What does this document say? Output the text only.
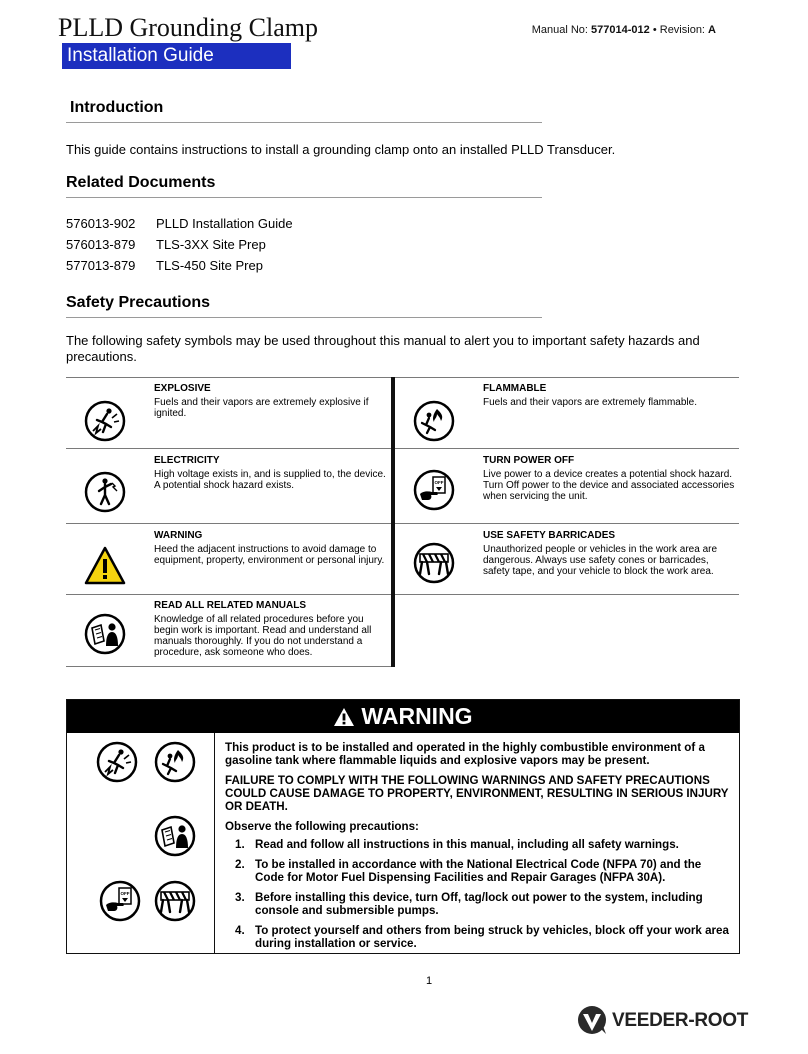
PLLD Grounding Clamp
Installation Guide
Manual No: 577014-012 • Revision: A
Introduction
This guide contains instructions to install a grounding clamp onto an installed PLLD Transducer.
Related Documents
576013-902 PLLD Installation Guide
576013-879 TLS-3XX Site Prep
577013-879 TLS-450 Site Prep
Safety Precautions
The following safety symbols may be used throughout this manual to alert you to important safety hazards and precautions.
EXPLOSIVE
Fuels and their vapors are extremely explosive if ignited.
FLAMMABLE
Fuels and their vapors are extremely flammable.
ELECTRICITY
High voltage exists in, and is supplied to, the device. A potential shock hazard exists.	OFF
TURN POWER OFF
Live power to a device creates a potential shock hazard. Turn Off power to the device and associated accessories when servicing the unit.
WARNING
Heed the adjacent instructions to avoid damage to equipment, property, environment or personal injury.
USE SAFETY BARRICADES
Unauthorized people or vehicles in the work area are dangerous. Always use safety cones or barricades, safety tape, and your vehicle to block the work area.
READ ALL RELATED MANUALS
Knowledge of all related procedures before you begin work is important. Read and understand all manuals thoroughly. If you do not understand a procedure, ask someone who does.
WARNING
OFF

This product is to be installed and operated in the highly combustible environment of a gasoline tank where flammable liquids and explosive vapors may be present.

FAILURE TO COMPLY WITH THE FOLLOWING WARNINGS AND SAFETY PRECAUTIONS COULD CAUSE DAMAGE TO PROPERTY, ENVIRONMENT, RESULTING IN SERIOUS INJURY OR DEATH.

Observe the following precautions:

1. Read and follow all instructions in this manual, including all safety warnings.
2. To be installed in accordance with the National Electrical Code (NFPA 70) and the Code for Motor Fuel Dispensing Facilities and Repair Garages (NFPA 30A).
3. Before installing this device, turn Off, tag/lock out power to the system, including console and submersible pumps.
4. To protect yourself and others from being struck by vehicles, block off your work area during installation or service.
1
VEEDER-ROOT
